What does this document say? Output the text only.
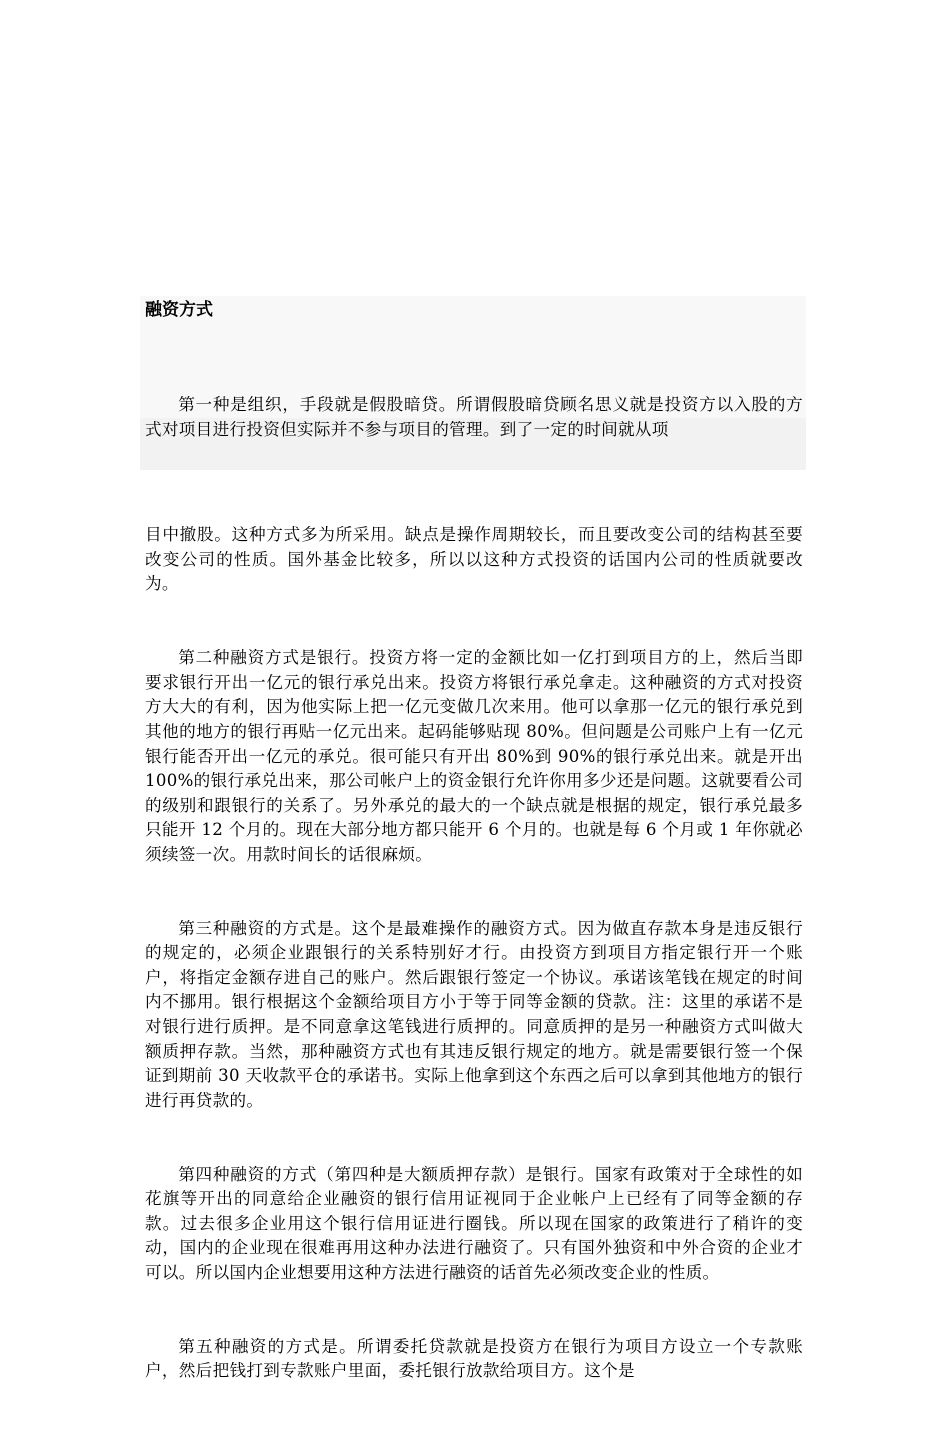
融资方式

第一种是组织，手段就是假股暗贷。所谓假股暗贷顾名思义就是投资方以入股的方式对项目进行投资但实际并不参与项目的管理。到了一定的时间就从项

目中撤股。这种方式多为所采用。缺点是操作周期较长，而且要改变公司的结构甚至要改变公司的性质。国外基金比较多，所以以这种方式投资的话国内公司的性质就要改为。

第二种融资方式是银行。投资方将一定的金额比如一亿打到项目方的上，然后当即要求银行开出一亿元的银行承兑出来。投资方将银行承兑拿走。这种融资的方式对投资方大大的有利，因为他实际上把一亿元变做几次来用。他可以拿那一亿元的银行承兑到其他的地方的银行再贴一亿元出来。起码能够贴现 80%。但问题是公司账户上有一亿元银行能否开出一亿元的承兑。很可能只有开出 80%到 90%的银行承兑出来。就是开出 100%的银行承兑出来，那公司帐户上的资金银行允许你用多少还是问题。这就要看公司的级别和跟银行的关系了。另外承兑的最大的一个缺点就是根据的规定，银行承兑最多只能开 12 个月的。现在大部分地方都只能开 6 个月的。也就是每 6 个月或 1 年你就必须续签一次。用款时间长的话很麻烦。

第三种融资的方式是。这个是最难操作的融资方式。因为做直存款本身是违反银行的规定的，必须企业跟银行的关系特别好才行。由投资方到项目方指定银行开一个账户，将指定金额存进自己的账户。然后跟银行签定一个协议。承诺该笔钱在规定的时间内不挪用。银行根据这个金额给项目方小于等于同等金额的贷款。注：这里的承诺不是对银行进行质押。是不同意拿这笔钱进行质押的。同意质押的是另一种融资方式叫做大额质押存款。当然，那种融资方式也有其违反银行规定的地方。就是需要银行签一个保证到期前 30 天收款平仓的承诺书。实际上他拿到这个东西之后可以拿到其他地方的银行进行再贷款的。

第四种融资的方式（第四种是大额质押存款）是银行。国家有政策对于全球性的如花旗等开出的同意给企业融资的银行信用证视同于企业帐户上已经有了同等金额的存款。过去很多企业用这个银行信用证进行圈钱。所以现在国家的政策进行了稍许的变动，国内的企业现在很难再用这种办法进行融资了。只有国外独资和中外合资的企业才可以。所以国内企业想要用这种方法进行融资的话首先必须改变企业的性质。

第五种融资的方式是。所谓委托贷款就是投资方在银行为项目方设立一个专款账户，然后把钱打到专款账户里面，委托银行放款给项目方。这个是
